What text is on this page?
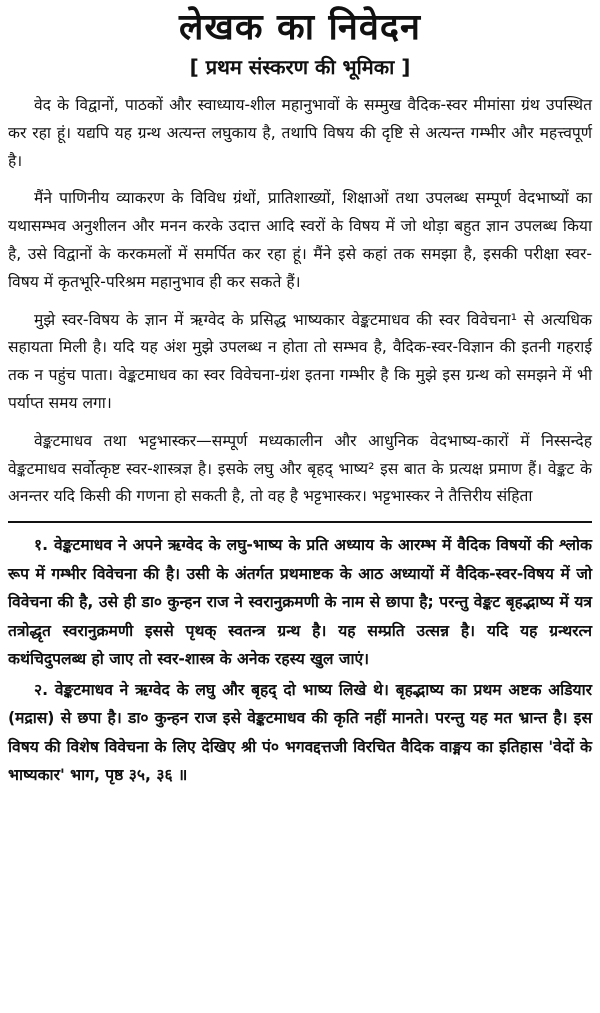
लेखक का निवेदन
[ प्रथम संस्करण की भूमिका ]

वेद के विद्वानों, पाठकों और स्वाध्याय-शील महानुभावों के सम्मुख वैदिक-स्वर मीमांसा ग्रंथ उपस्थित कर रहा हूं। यद्यपि यह ग्रन्थ अत्यन्त लघुकाय है, तथापि विषय की दृष्टि से अत्यन्त गम्भीर और महत्त्वपूर्ण है।

मैंने पाणिनीय व्याकरण के विविध ग्रंथों, प्रातिशाख्यों, शिक्षाओं तथा उपलब्ध सम्पूर्ण वेदभाष्यों का यथासम्भव अनुशीलन और मनन करके उदात्त आदि स्वरों के विषय में जो थोड़ा बहुत ज्ञान उपलब्ध किया है, उसे विद्वानों के करकमलों में समर्पित कर रहा हूं। मैंने इसे कहां तक समझा है, इसकी परीक्षा स्वर-विषय में कृतभूरि-परिश्रम महानुभाव ही कर सकते हैं।

मुझे स्वर-विषय के ज्ञान में ऋग्वेद के प्रसिद्ध भाष्यकार वेङ्कटमाधव की स्वर विवेचना¹ से अत्यधिक सहायता मिली है। यदि यह अंश मुझे उपलब्ध न होता तो सम्भव है, वैदिक-स्वर-विज्ञान की इतनी गहराई तक न पहुंच पाता। वेङ्कटमाधव का स्वर विवेचना-ग्रंश इतना गम्भीर है कि मुझे इस ग्रन्थ को समझने में भी पर्याप्त समय लगा।

वेङ्कटमाधव तथा भट्टभास्कर—सम्पूर्ण मध्यकालीन और आधुनिक वेदभाष्य-कारों में निस्सन्देह वेङ्कटमाधव सर्वोत्कृष्ट स्वर-शास्त्रज्ञ है। इसके लघु और बृहद् भाष्य² इस बात के प्रत्यक्ष प्रमाण हैं। वेङ्कट के अनन्तर यदि किसी की गणना हो सकती है, तो वह है भट्टभास्कर। भट्टभास्कर ने तैत्तिरीय संहिता

१. वेङ्कटमाधव ने अपने ऋग्वेद के लघु-भाष्य के प्रति अध्याय के आरम्भ में वैदिक विषयों की श्लोक रूप में गम्भीर विवेचना की है। उसी के अंतर्गत प्रथमाष्टक के आठ अध्यायों में वैदिक-स्वर-विषय में जो विवेचना की है, उसे ही डा० कुन्हन राज ने स्वरानुक्रमणी के नाम से छापा है; परन्तु वेङ्कट बृहद्भाष्य में यत्र तत्रोद्धृत स्वरानुक्रमणी इससे पृथक् स्वतन्त्र ग्रन्थ है। यह सम्प्रति उत्सन्न है। यदि यह ग्रन्थरत्न कथंचिदुपलब्ध हो जाए तो स्वर-शास्त्र के अनेक रहस्य खुल जाएं।

२. वेङ्कटमाधव ने ऋग्वेद के लघु और बृहद् दो भाष्य लिखे थे। बृहद्भाष्य का प्रथम अष्टक अडियार (मद्रास) से छपा है। डा० कुन्हन राज इसे वेङ्कटमाधव की कृति नहीं मानते। परन्तु यह मत भ्रान्त है। इस विषय की विशेष विवेचना के लिए देखिए श्री पं० भगवद्दत्तजी विरचित वैदिक वाङ्मय का इतिहास 'वेदों के भाष्यकार' भाग, पृष्ठ ३५, ३६ ॥
